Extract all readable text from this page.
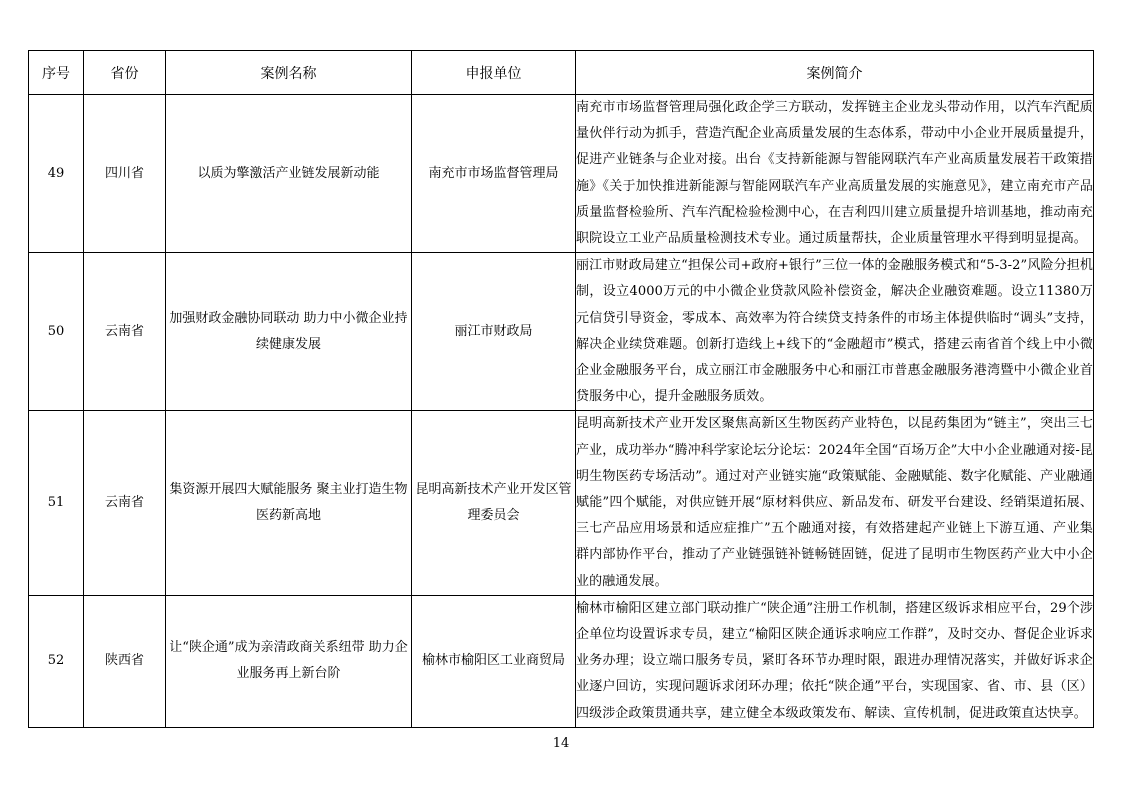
序号	省份	案例名称	申报单位	案例简介
49	四川省	以质为擎激活产业链发展新动能	南充市市场监督管理局	南充市市场监督管理局强化政企学三方联动，发挥链主企业龙头带动作用，以汽车汽配质量伙伴行动为抓手，营造汽配企业高质量发展的生态体系，带动中小企业开展质量提升，促进产业链条与企业对接。出台《支持新能源与智能网联汽车产业高质量发展若干政策措施》《关于加快推进新能源与智能网联汽车产业高质量发展的实施意见》，建立南充市产品质量监督检验所、汽车汽配检验检测中心，在吉利四川建立质量提升培训基地，推动南充职院设立工业产品质量检测技术专业。通过质量帮扶，企业质量管理水平得到明显提高。
50	云南省	加强财政金融协同联动 助力中小微企业持续健康发展	丽江市财政局	丽江市财政局建立“担保公司+政府+银行”三位一体的金融服务模式和“5-3-2”风险分担机制，设立4000万元的中小微企业贷款风险补偿资金，解决企业融资难题。设立11380万元信贷引导资金，零成本、高效率为符合续贷支持条件的市场主体提供临时“调头”支持，解决企业续贷难题。创新打造线上+线下的“金融超市”模式，搭建云南省首个线上中小微企业金融服务平台，成立丽江市金融服务中心和丽江市普惠金融服务港湾暨中小微企业首贷服务中心，提升金融服务质效。
51	云南省	集资源开展四大赋能服务 聚主业打造生物医药新高地	昆明高新技术产业开发区管理委员会	昆明高新技术产业开发区聚焦高新区生物医药产业特色，以昆药集团为“链主”，突出三七产业，成功举办“腾冲科学家论坛分论坛：2024年全国“百场万企”大中小企业融通对接-昆明生物医药专场活动”。通过对产业链实施“政策赋能、金融赋能、数字化赋能、产业融通赋能”四个赋能，对供应链开展“原材料供应、新品发布、研发平台建设、经销渠道拓展、三七产品应用场景和适应症推广”五个融通对接，有效搭建起产业链上下游互通、产业集群内部协作平台，推动了产业链强链补链畅链固链，促进了昆明市生物医药产业大中小企业的融通发展。
52	陕西省	让“陕企通”成为亲清政商关系纽带 助力企业服务再上新台阶	榆林市榆阳区工业商贸局	榆林市榆阳区建立部门联动推广“陕企通”注册工作机制，搭建区级诉求相应平台，29个涉企单位均设置诉求专员，建立“榆阳区陕企通诉求响应工作群”，及时交办、督促企业诉求业务办理；设立端口服务专员，紧盯各环节办理时限，跟进办理情况落实，并做好诉求企业逐户回访，实现问题诉求闭环办理；依托“陕企通”平台，实现国家、省、市、县（区）四级涉企政策贯通共享，建立健全本级政策发布、解读、宣传机制，促进政策直达快享。
14
